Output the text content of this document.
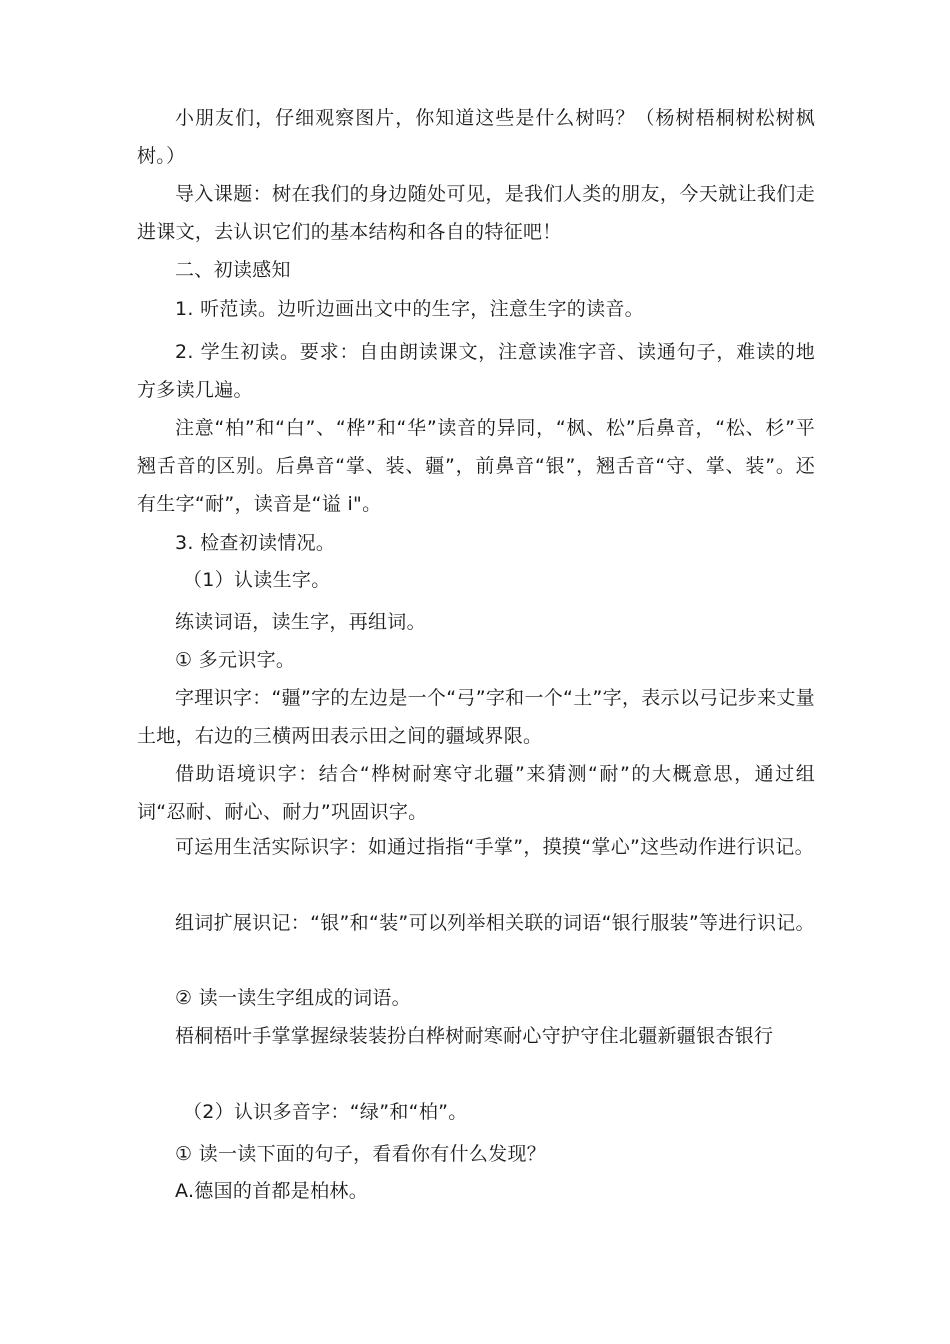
小朋友们，仔细观察图片，你知道这些是什么树吗？（杨树梧桐树松树枫树。）

导入课题：树在我们的身边随处可见，是我们人类的朋友，今天就让我们走进课文，去认识它们的基本结构和各自的特征吧！

二、初读感知

1. 听范读。边听边画出文中的生字，注意生字的读音。

2. 学生初读。要求：自由朗读课文，注意读准字音、读通句子，难读的地方多读几遍。

注意“柏”和“白”、“桦”和“华”读音的异同，“枫、松”后鼻音，“松、杉”平翘舌音的区别。后鼻音“掌、装、疆”，前鼻音“银”，翘舌音“守、掌、装”。还有生字“耐”，读音是“谥 i"。

3. 检查初读情况。

（1）认读生字。

练读词语，读生字，再组词。

① 多元识字。

字理识字：“疆”字的左边是一个“弓”字和一个“土”字，表示以弓记步来丈量土地，右边的三横两田表示田之间的疆域界限。

借助语境识字：结合“桦树耐寒守北疆”来猜测“耐”的大概意思，通过组词“忍耐、耐心、耐力”巩固识字。

可运用生活实际识字：如通过指指“手掌”，摸摸“掌心”这些动作进行识记。

组词扩展识记：“银”和“装”可以列举相关联的词语“银行服装”等进行识记。

② 读一读生字组成的词语。

梧桐梧叶手掌掌握绿装装扮白桦树耐寒耐心守护守住北疆新疆银杏银行

（2）认识多音字：“绿”和“柏”。

① 读一读下面的句子，看看你有什么发现？

A.德国的首都是柏林。
